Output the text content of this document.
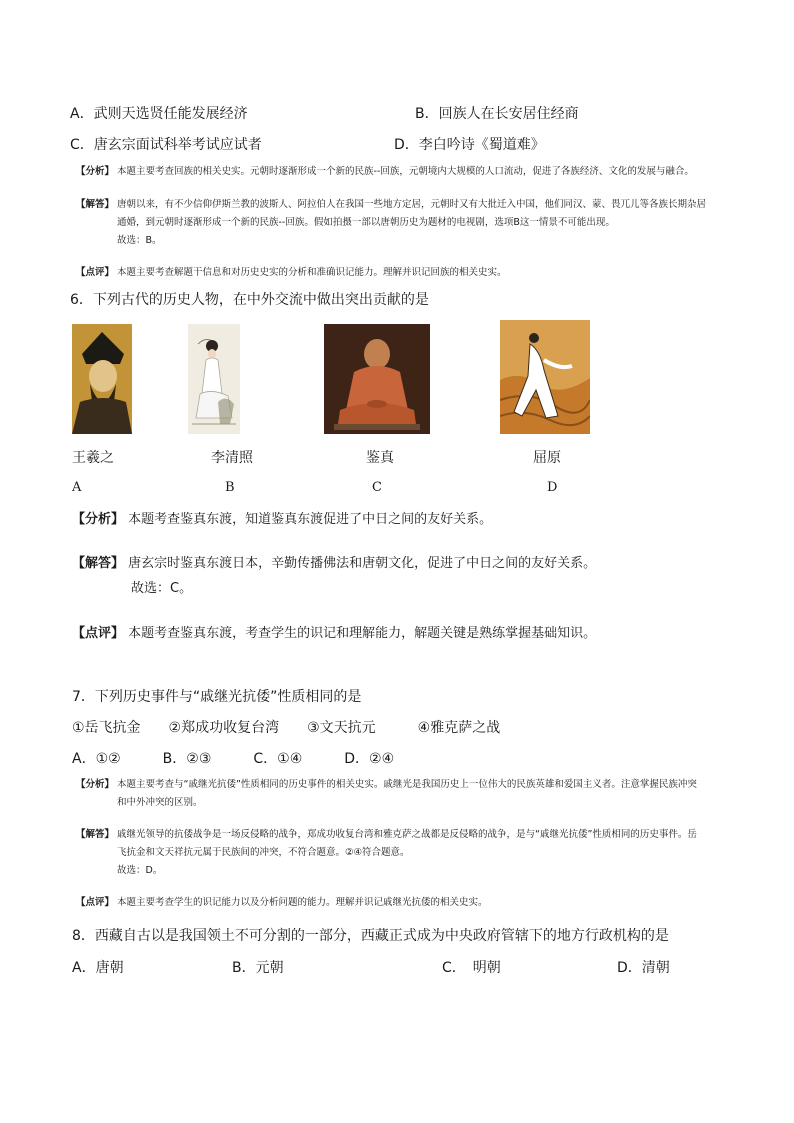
A．武则天选贤任能发展经济	B．回族人在长安居住经商
C．唐玄宗面试科举考试应试者	D．李白吟诗《蜀道难》
【分析】 本题主要考查回族的相关史实。元朝时逐渐形成一个新的民族--回族，元朝境内大规模的人口流动，促进了各族经济、文化的发展与融合。
【解答】 唐朝以来，有不少信仰伊斯兰教的波斯人、阿拉伯人在我国一些地方定居，元朝时又有大批迁入中国，他们同汉、蒙、畏兀儿等各族长期杂居
通婚，到元朝时逐渐形成一个新的民族--回族。假如拍摄一部以唐朝历史为题材的电视剧，选项B这一情景不可能出现。
故选：B。
【点评】 本题主要考查解题干信息和对历史史实的分析和准确识记能力。理解并识记回族的相关史实。
6．下列古代的历史人物，在中外交流中做出突出贡献的是
王羲之	李清照	鉴真	屈原
A	B	C	D
【分析】 本题考查鉴真东渡，知道鉴真东渡促进了中日之间的友好关系。
【解答】 唐玄宗时鉴真东渡日本，辛勤传播佛法和唐朝文化，促进了中日之间的友好关系。
故选：C。
【点评】 本题考查鉴真东渡，考查学生的识记和理解能力，解题关键是熟练掌握基础知识。
7．下列历史事件与“戚继光抗倭”性质相同的是
①岳飞抗金　　②郑成功收复台湾　　③文天抗元　　　④雅克萨之战
A．①②　　　B．②③　　　C．①④　　　D．②④
【分析】 本题主要考查与“戚继光抗倭”性质相同的历史事件的相关史实。戚继光是我国历史上一位伟大的民族英雄和爱国主义者。注意掌握民族冲突
和中外冲突的区别。
【解答】 戚继光领导的抗倭战争是一场反侵略的战争，郑成功收复台湾和雅克萨之战都是反侵略的战争，是与“戚继光抗倭”性质相同的历史事件。岳
飞抗金和文天祥抗元属于民族间的冲突，不符合题意。②④符合题意。
故选：D。
【点评】 本题主要考查学生的识记能力以及分析问题的能力。理解并识记戚继光抗倭的相关史实。
8．西藏自古以是我国领土不可分割的一部分，西藏正式成为中央政府管辖下的地方行政机构的是
A．唐朝	B．元朝	C．　明朝	D．清朝
